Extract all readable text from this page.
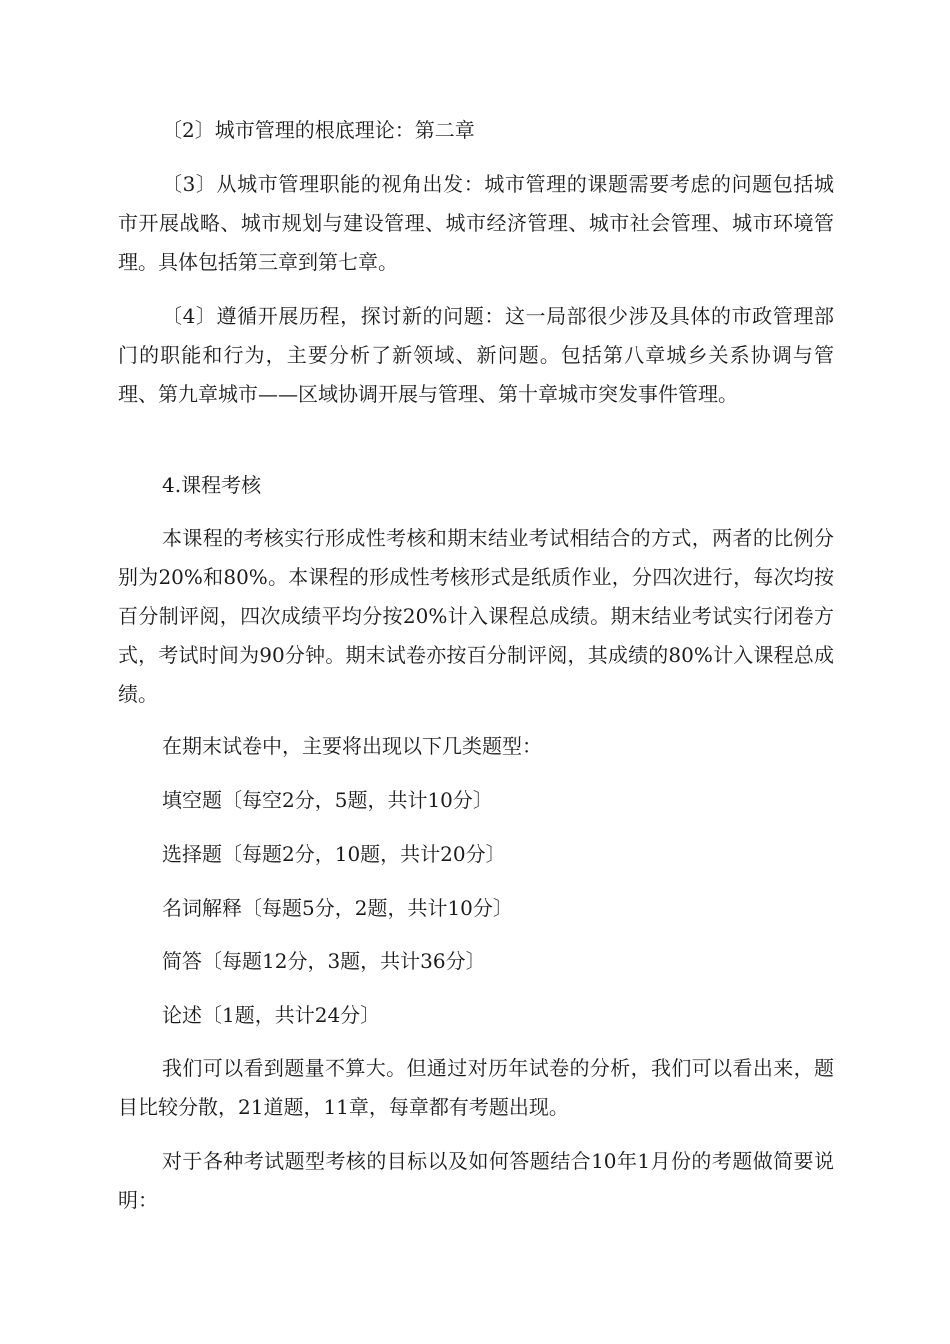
〔2〕城市管理的根底理论：第二章

〔3〕从城市管理职能的视角出发：城市管理的课题需要考虑的问题包括城市开展战略、城市规划与建设管理、城市经济管理、城市社会管理、城市环境管理。具体包括第三章到第七章。

〔4〕遵循开展历程，探讨新的问题：这一局部很少涉及具体的市政管理部门的职能和行为，主要分析了新领域、新问题。包括第八章城乡关系协调与管理、第九章城市——区域协调开展与管理、第十章城市突发事件管理。

4.课程考核

本课程的考核实行形成性考核和期末结业考试相结合的方式，两者的比例分别为20%和80%。本课程的形成性考核形式是纸质作业，分四次进行，每次均按百分制评阅，四次成绩平均分按20%计入课程总成绩。期末结业考试实行闭卷方式，考试时间为90分钟。期末试卷亦按百分制评阅，其成绩的80%计入课程总成绩。

在期末试卷中，主要将出现以下几类题型：

填空题〔每空2分，5题，共计10分〕

选择题〔每题2分，10题，共计20分〕

名词解释〔每题5分，2题，共计10分〕

简答〔每题12分，3题，共计36分〕

论述〔1题，共计24分〕

我们可以看到题量不算大。但通过对历年试卷的分析，我们可以看出来，题目比较分散，21道题，11章，每章都有考题出现。

对于各种考试题型考核的目标以及如何答题结合10年1月份的考题做简要说明：
